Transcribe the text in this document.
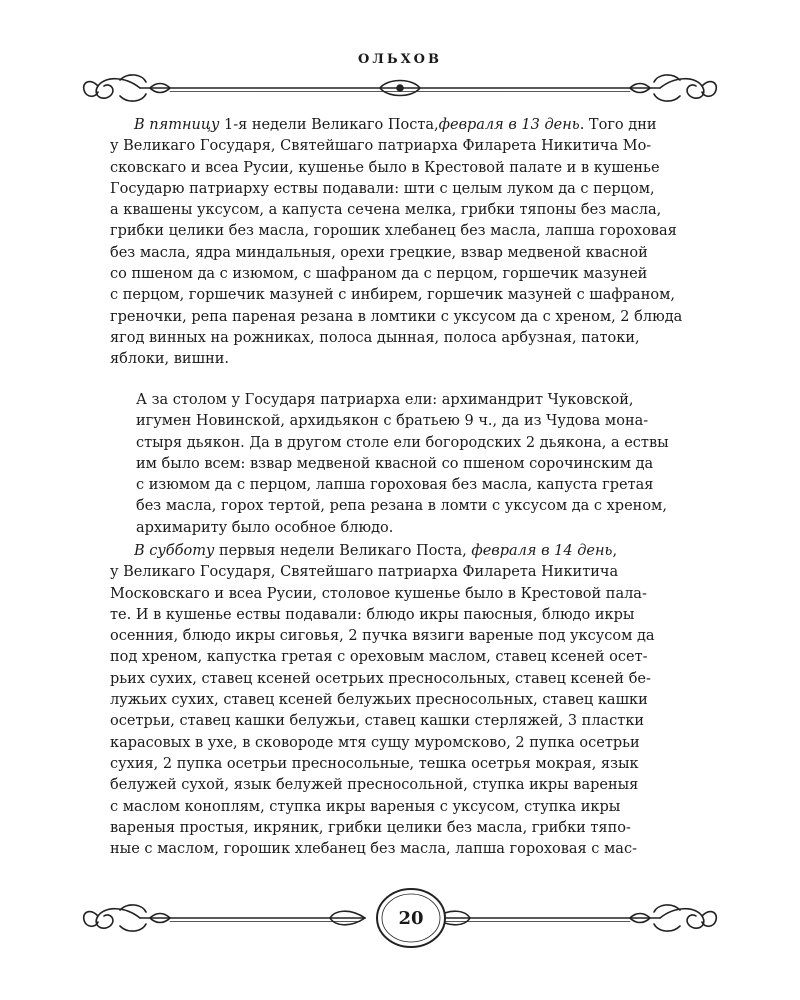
ОЛЬХОВ
В пятницу 1-я недели Великаго Поста,февраля в 13 день. Того дни
у Великаго Государя, Святейшаго патриарха Филарета Никитича Мо-
сковскаго и всеа Русии, кушенье было в Крестовой палате и в кушенье
Государю патриарху ествы подавали: шти с целым луком да с перцом,
а квашены уксусом, а капуста сечена мелка, грибки тяпоны без масла,
грибки целики без масла, горошик хлебанец без масла, лапша гороховая
без масла, ядра миндальныя, орехи грецкие, взвар медвеной квасной
со пшеном да с изюмом, с шафраном да с перцом, горшечик мазуней
с перцом, горшечик мазуней с инбирем, горшечик мазуней с шафраном,
греночки, репа пареная резана в ломтики с уксусом да с хреном, 2 блюда
ягод винных на рожниках, полоса дынная, полоса арбузная, патоки,
яблоки, вишни.
А за столом у Государя патриарха ели: архимандрит Чуковской,
игумен Новинской, архидьякон с братьею 9 ч., да из Чудова мона-
стыря дьякон. Да в другом столе ели богородских 2 дьякона, а ествы
им было всем: взвар медвеной квасной со пшеном сорочинским да
с изюмом да с перцом, лапша гороховая без масла, капуста гретая
без масла, горох тертой, репа резана в ломти с уксусом да с хреном,
архимариту было особное блюдо.
В субботу первыя недели Великаго Поста, февраля в 14 день,
у Великаго Государя, Святейшаго патриарха Филарета Никитича
Московскаго и всеа Русии, столовое кушенье было в Крестовой пала-
те. И в кушенье ествы подавали: блюдо икры паюсныя, блюдо икры
осенния, блюдо икры сиговья, 2 пучка вязиги вареные под уксусом да
под хреном, капустка гретая с ореховым маслом, ставец ксеней осет-
рьих сухих, ставец ксеней осетрьих пресносольных, ставец ксеней бе-
лужьих сухих, ставец ксеней белужьих пресносольных, ставец кашки
осетрьи, ставец кашки белужьи, ставец кашки стерляжей, 3 пластки
карасовых в ухе, в сковороде мтя сущу муромсково, 2 пупка осетрьи
сухия, 2 пупка осетрьи пресносольные, тешка осетрья мокрая, язык
белужей сухой, язык белужей пресносольной, ступка икры вареныя
с маслом коноплям, ступка икры вареныя с уксусом, ступка икры
вареныя простыя, икряник, грибки целики без масла, грибки тяпо-
ные с маслом, горошик хлебанец без масла, лапша гороховая с мас-
20
